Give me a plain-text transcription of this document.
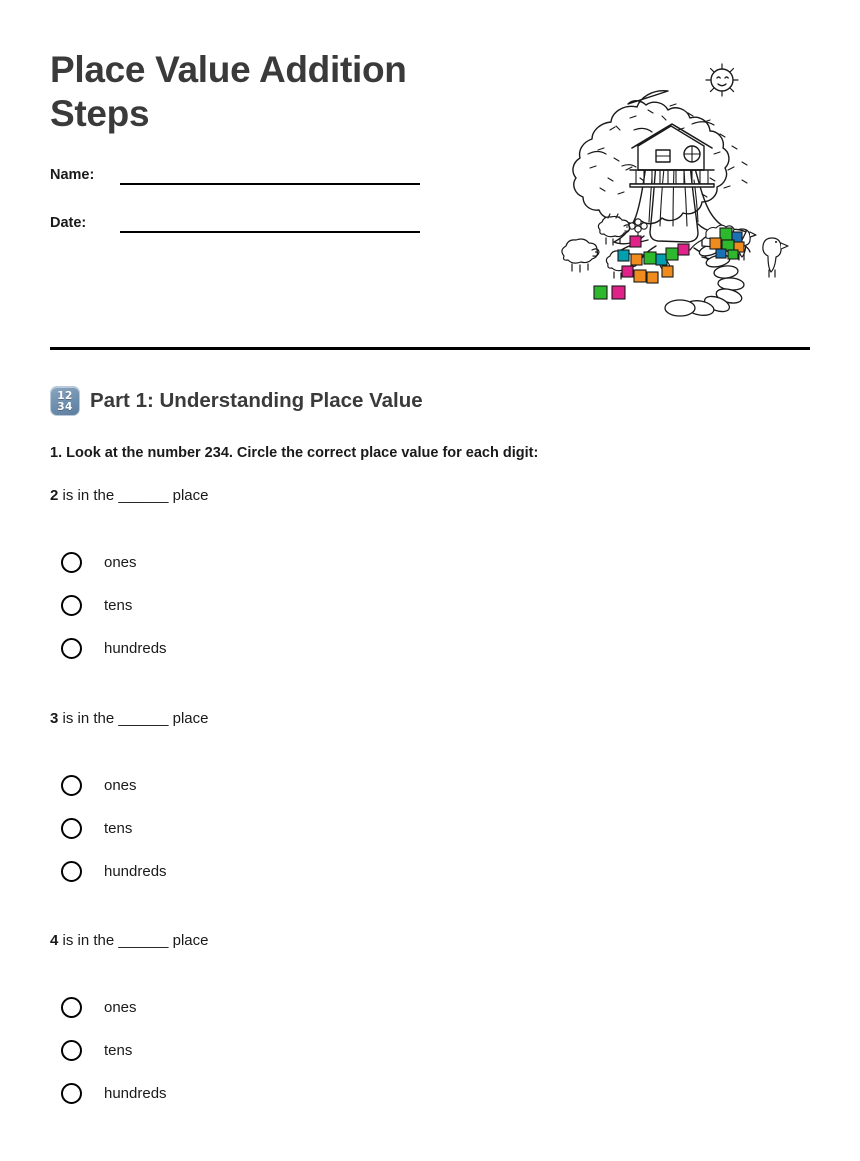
Place Value Addition Steps
Name:
Date:
12
34 Part 1: Understanding Place Value
1. Look at the number 234. Circle the correct place value for each digit:
2 is in the ______ place
ones
tens
hundreds
3 is in the ______ place
ones
tens
hundreds
4 is in the ______ place
ones
tens
hundreds
